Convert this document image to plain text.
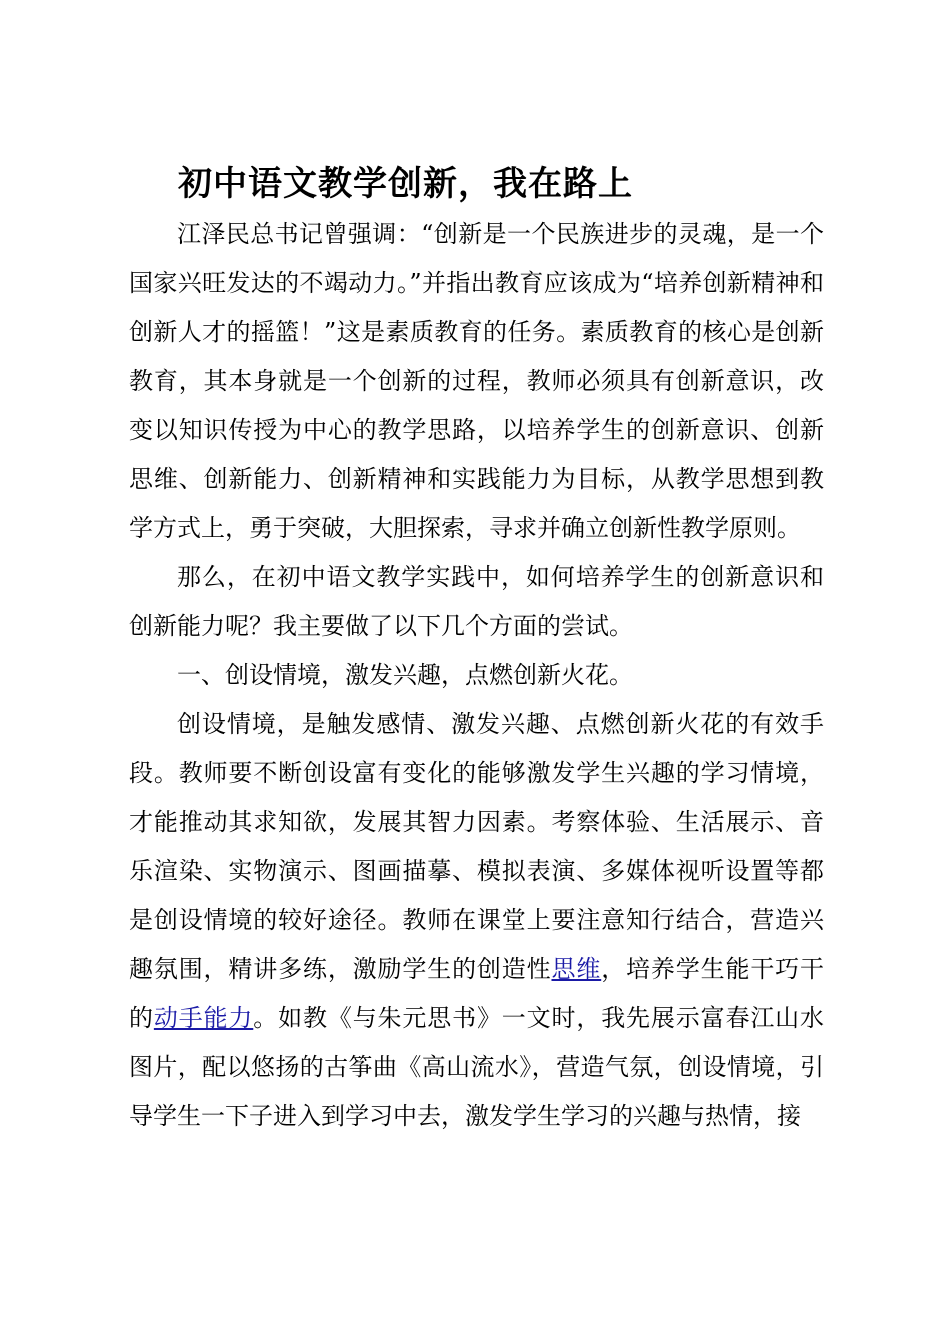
初中语文教学创新，我在路上

江泽民总书记曾强调：“创新是一个民族进步的灵魂，是一个国家兴旺发达的不竭动力。”并指出教育应该成为“培养创新精神和创新人才的摇篮！”这是素质教育的任务。素质教育的核心是创新教育，其本身就是一个创新的过程，教师必须具有创新意识，改变以知识传授为中心的教学思路，以培养学生的创新意识、创新思维、创新能力、创新精神和实践能力为目标，从教学思想到教学方式上，勇于突破，大胆探索，寻求并确立创新性教学原则。

那么，在初中语文教学实践中，如何培养学生的创新意识和创新能力呢？我主要做了以下几个方面的尝试。

一、创设情境，激发兴趣，点燃创新火花。

创设情境，是触发感情、激发兴趣、点燃创新火花的有效手段。教师要不断创设富有变化的能够激发学生兴趣的学习情境，才能推动其求知欲，发展其智力因素。考察体验、生活展示、音乐渲染、实物演示、图画描摹、模拟表演、多媒体视听设置等都是创设情境的较好途径。教师在课堂上要注意知行结合，营造兴趣氛围，精讲多练，激励学生的创造性思维，培养学生能干巧干的动手能力。如教《与朱元思书》一文时，我先展示富春江山水图片，配以悠扬的古筝曲《高山流水》，营造气氛，创设情境，引导学生一下子进入到学习中去，激发学生学习的兴趣与热情，接
